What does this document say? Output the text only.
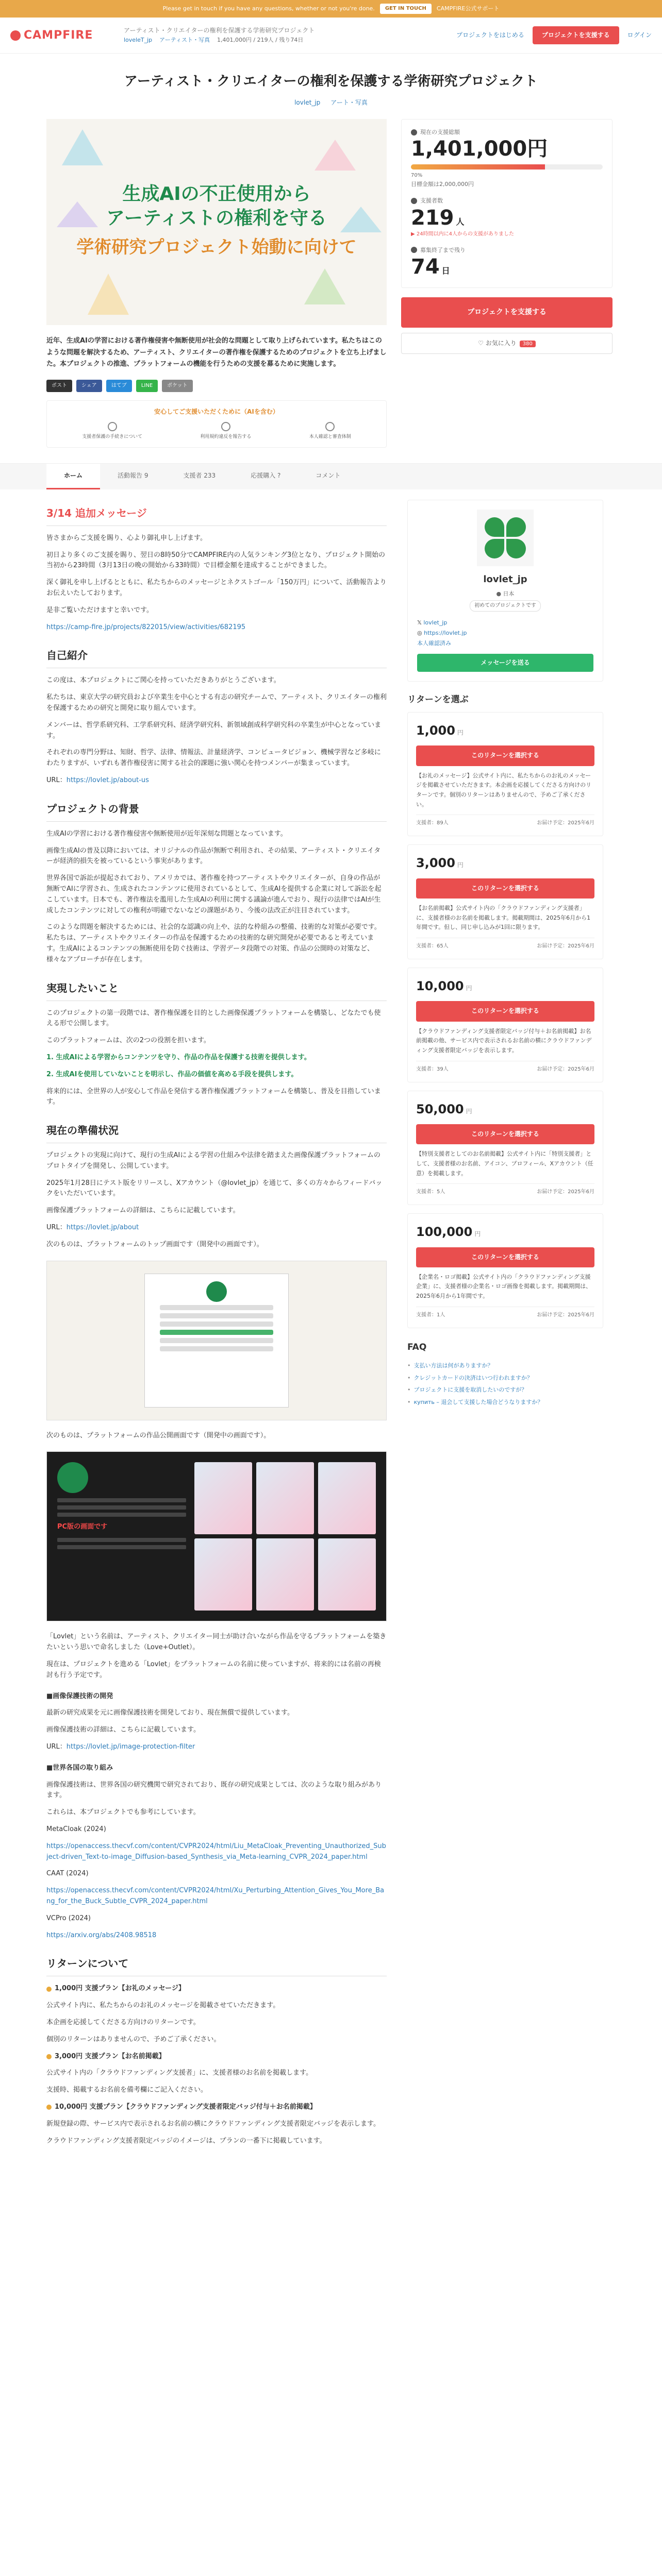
Please get in touch if you have any questions, whether or not you're done.	GET IN TOUCH	CAMPFIRE公式サポート
CAMPFIRE	アーティスト・クリエイターの権利を保護する学術研究プロジェクト
loveleT_jp アーティスト・写真 1,401,000円 / 219人 / 残り74日
プロジェクトをはじめる	プロジェクトを支援する	ログイン
アーティスト・クリエイターの権利を保護する学術研究プロジェクト
lovlet_jp アート・写真
生成AIの不正使用から
アーティストの権利を守る
学術研究プロジェクト始動に向けて

近年、生成AIの学習における著作権侵害や無断使用が社会的な問題として取り上げられています。私たちはこのような問題を解決するため、アーティスト、クリエイターの著作権を保護するためのプロジェクトを立ち上げました。本プロジェクトの推進、プラットフォームの機能を行うための支援を募るために実施します。

ポスト	シェア	はてブ	LINE	ポケット
安心してご支援いただくために（AIを含む）
支援者保護の手続きについて	利用規約違反を報告する	本人確認と審査体制
現在の支援総額
1,401,000円
70%
目標金額は2,000,000円
支援者数
219 人
▶ 24時間以内に4人からの支援がありました
募集終了まで残り
74 日
プロジェクトを支援する
♡ お気に入り 380
ホーム	活動報告 9	支援者 233	応援購入 ?	コメント
3/14 追加メッセージ

皆さまからご支援を賜り、心より御礼申し上げます。

初日より多くのご支援を賜り、翌日の8時50分でCAMPFIRE内の人気ランキング3位となり、プロジェクト開始の当初から23時間（3月13日の晩の開始から33時間）で目標金額を達成することができました。

深く御礼を申し上げるとともに、私たちからのメッセージとネクストゴール「150万円」について、活動報告よりお伝えいたしております。

是非ご覧いただけますと幸いです。

https://camp-fire.jp/projects/822015/view/activities/682195

自己紹介

この度は、本プロジェクトにご関心を持っていただきありがとうございます。

私たちは、東京大学の研究員および卒業生を中心とする有志の研究チームで、アーティスト、クリエイターの権利を保護するための研究と開発に取り組んでいます。

メンバーは、哲学系研究科、工学系研究科、経済学研究科、新領域創成科学研究科の卒業生が中心となっています。

それぞれの専門分野は、知財、哲学、法律、情報法、計量経済学、コンピュータビジョン、機械学習など多岐にわたりますが、いずれも著作権侵害に関する社会的課題に強い関心を持つメンバーが集まっています。

URL：https://lovlet.jp/about-us

プロジェクトの背景

生成AIの学習における著作権侵害や無断使用が近年深刻な問題となっています。

画像生成AIの普及以降においては、オリジナルの作品が無断で利用され、その結果、アーティスト・クリエイターが経済的損失を被っているという事実があります。

世界各国で訴訟が提起されており、アメリカでは、著作権を持つアーティストやクリエイターが、自身の作品が無断でAIに学習され、生成されたコンテンツに使用されているとして、生成AIを提供する企業に対して訴訟を起こしています。日本でも、著作権法を濫用した生成AIの利用に関する議論が進んでおり、現行の法律ではAIが生成したコンテンツに対しての権利が明確でないなどの課題があり、今後の法改正が注目されています。

このような問題を解決するためには、社会的な認識の向上や、法的な枠組みの整備、技術的な対策が必要です。私たちは、アーティストやクリエイターの作品を保護するための技術的な研究開発が必要であると考えています。生成AIによるコンテンツの無断使用を防ぐ技術は、学習データ段階での対策、作品の公開時の対策など、様々なアプローチが存在します。

実現したいこと

このプロジェクトの第一段階では、著作権保護を目的とした画像保護プラットフォームを構築し、どなたでも使える形で公開します。

このプラットフォームは、次の2つの役割を担います。

1. 生成AIによる学習からコンテンツを守り、作品の作品を保護する技術を提供します。

2. 生成AIを使用していないことを明示し、作品の価値を高める手段を提供します。

将来的には、全世界の人が安心して作品を発信する著作権保護プラットフォームを構築し、普及を目指しています。

現在の準備状況

プロジェクトの実現に向けて、現行の生成AIによる学習の仕組みや法律を踏まえた画像保護プラットフォームのプロトタイプを開発し、公開しています。

2025年1月28日にテスト版をリリースし、Xアカウント（@lovlet_jp）を通じて、多くの方々からフィードバックをいただいています。

画像保護プラットフォームの詳細は、こちらに記載しています。

URL：https://lovlet.jp/about

次のものは、プラットフォームのトップ画面です（開発中の画面です）。

次のものは、プラットフォームの作品公開画面です（開発中の画面です）。

PC版の画面です

「Lovlet」という名前は、アーティスト、クリエイター同士が助け合いながら作品を守るプラットフォームを築きたいという思いで命名しました（Love+Outlet）。

現在は、プロジェクトを進める「Lovlet」をプラットフォームの名前に使っていますが、将来的には名前の再検討も行う予定です。

■画像保護技術の開発

最新の研究成果を元に画像保護技術を開発しており、現在無償で提供しています。

画像保護技術の詳細は、こちらに記載しています。

URL：https://lovlet.jp/image-protection-filter

■世界各国の取り組み

画像保護技術は、世界各国の研究機関で研究されており、既存の研究成果としては、次のような取り組みがあります。

これらは、本プロジェクトでも参考にしています。

MetaCloak (2024)

https://openaccess.thecvf.com/content/CVPR2024/html/Liu_MetaCloak_Preventing_Unauthorized_Subject-driven_Text-to-image_Diffusion-based_Synthesis_via_Meta-learning_CVPR_2024_paper.html

CAAT (2024)

https://openaccess.thecvf.com/content/CVPR2024/html/Xu_Perturbing_Attention_Gives_You_More_Bang_for_the_Buck_Subtle_CVPR_2024_paper.html

VCPro (2024)

https://arxiv.org/abs/2408.98518

リターンについて

1,000円 支援プラン【お礼のメッセージ】

公式サイト内に、私たちからのお礼のメッセージを掲載させていただきます。

本企画を応援してくださる方向けのリターンです。

個別のリターンはありませんので、予めご了承ください。

3,000円 支援プラン【お名前掲載】

公式サイト内の「クラウドファンディング支援者」に、支援者様のお名前を掲載します。

支援時、掲載するお名前を備考欄にご記入ください。

10,000円 支援プラン【クラウドファンディング支援者限定バッジ付与＋お名前掲載】

新規登録の際、サービス内で表示されるお名前の横にクラウドファンディング支援者限定バッジを表示します。

クラウドファンディング支援者限定バッジのイメージは、プランの一番下に掲載しています。

lovlet_jp
● 日本
初めてのプロジェクトです
𝕏 lovlet_jp
◎ https://lovlet.jp
本人確認済み
メッセージを送る
リターンを選ぶ
1,000 円
このリターンを選択する
【お礼のメッセージ】公式サイト内に、私たちからのお礼のメッセージを掲載させていただきます。本企画を応援してくださる方向けのリターンです。個別のリターンはありませんので、予めご了承ください。
支援者：89人	お届け予定：2025年6月
3,000 円
このリターンを選択する
【お名前掲載】公式サイト内の「クラウドファンディング支援者」に、支援者様のお名前を掲載します。掲載期間は、2025年6月から1年間です。但し、同じ申し込みが1回に限ります。
支援者：65人	お届け予定：2025年6月
10,000 円
このリターンを選択する
【クラウドファンディング支援者限定バッジ付与＋お名前掲載】お名前掲載の他、サービス内で表示されるお名前の横にクラウドファンディング支援者限定バッジを表示します。
支援者：39人	お届け予定：2025年6月
50,000 円
このリターンを選択する
【特別支援者としてのお名前掲載】公式サイト内に「特別支援者」として、支援者様のお名前、アイコン、プロフィール、Xアカウント（任意）を掲載します。
支援者：5人	お届け予定：2025年6月
100,000 円
このリターンを選択する
【企業名・ロゴ掲載】公式サイト内の「クラウドファンディング支援企業」に、支援者様の企業名・ロゴ画像を掲載します。掲載期間は、2025年6月から1年間です。
支援者：1人	お届け予定：2025年6月
FAQ
• 支払い方法は何がありますか？
• クレジットカードの決済はいつ行われますか？
• プロジェクトに支援を取消したいのですが？
• купить – 退会して支援した場合どうなりますか？
